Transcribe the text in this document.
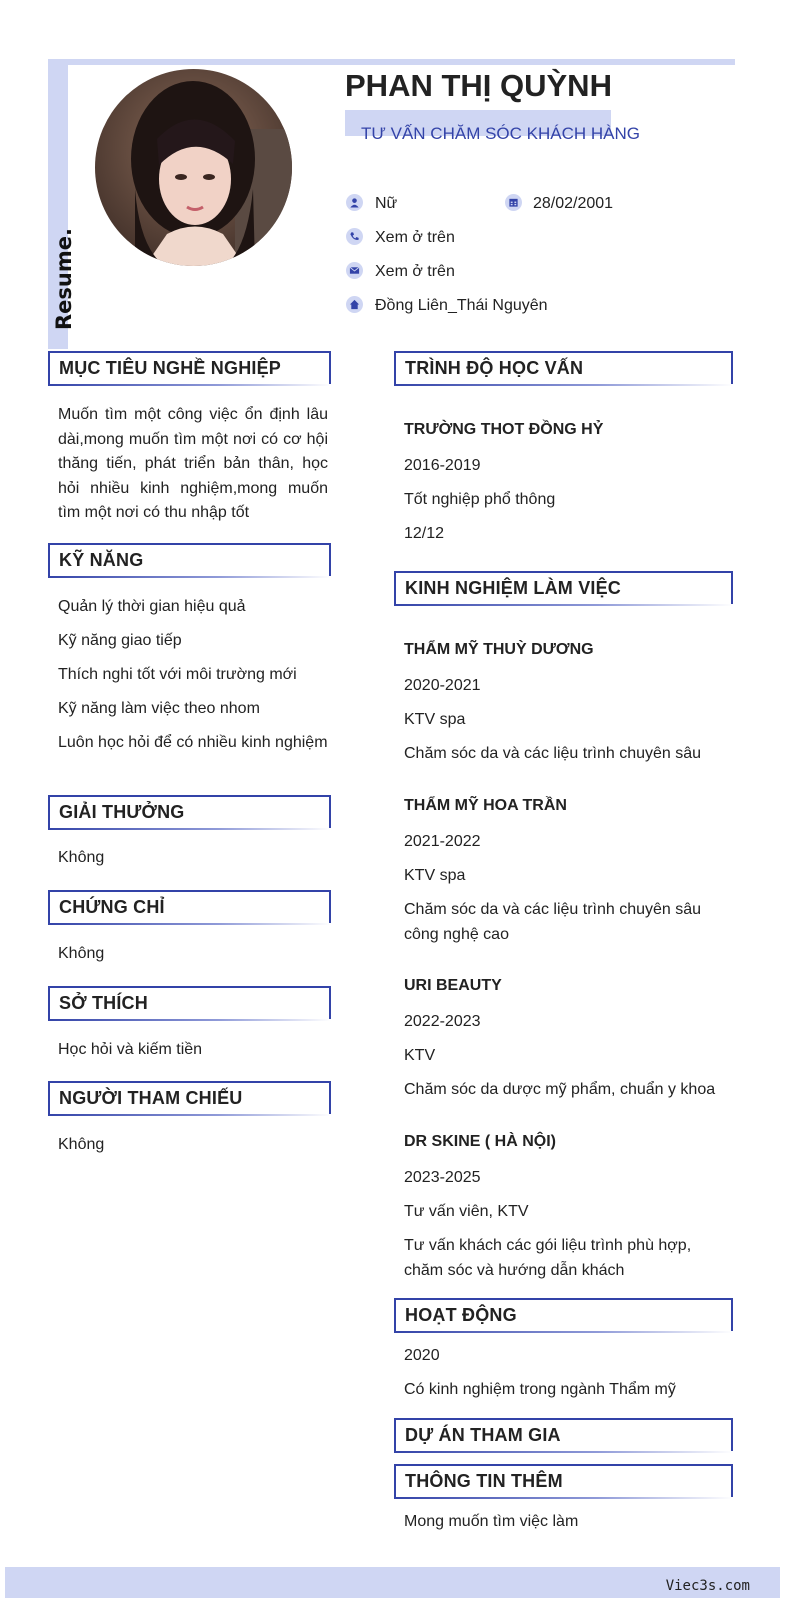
Resume.
PHAN THỊ QUỲNH
TƯ VẤN CHĂM SÓC KHÁCH HÀNG
Nữ	28/02/2001
Xem ở trên
Xem ở trên
Đồng Liên_Thái Nguyên
MỤC TIÊU NGHỀ NGHIỆP
Muốn tìm một công việc ổn định lâu dài,mong muốn tìm một nơi có cơ hội thăng tiến, phát triển bản thân, học hỏi nhiều kinh nghiệm,mong muốn tìm một nơi có thu nhập tốt
KỸ NĂNG
Quản lý thời gian hiệu quả
Kỹ năng giao tiếp
Thích nghi tốt với môi trường mới
Kỹ năng làm việc theo nhom
Luôn học hỏi để có nhiều kinh nghiệm
GIẢI THƯỞNG
Không
CHỨNG CHỈ
Không
SỞ THÍCH
Học hỏi và kiếm tiền
NGƯỜI THAM CHIẾU
Không
TRÌNH ĐỘ HỌC VẤN
TRƯỜNG THOT ĐỒNG HỶ
2016-2019
Tốt nghiệp phổ thông
12/12
KINH NGHIỆM LÀM VIỆC
THẨM MỸ THUỲ DƯƠNG
2020-2021
KTV spa
Chăm sóc da và các liệu trình chuyên sâu
THẨM MỸ HOA TRẦN
2021-2022
KTV spa
Chăm sóc da và các liệu trình chuyên sâu công nghệ cao
URI BEAUTY
2022-2023
KTV
Chăm sóc da dược mỹ phẩm, chuẩn y khoa
DR SKINE ( HÀ NỘI)
2023-2025
Tư vấn viên, KTV
Tư vấn khách các gói liệu trình phù hợp, chăm sóc và hướng dẫn khách
HOẠT ĐỘNG
2020
Có kinh nghiệm trong ngành Thẩm mỹ
DỰ ÁN THAM GIA
THÔNG TIN THÊM
Mong muốn tìm việc làm
Viec3s.com
